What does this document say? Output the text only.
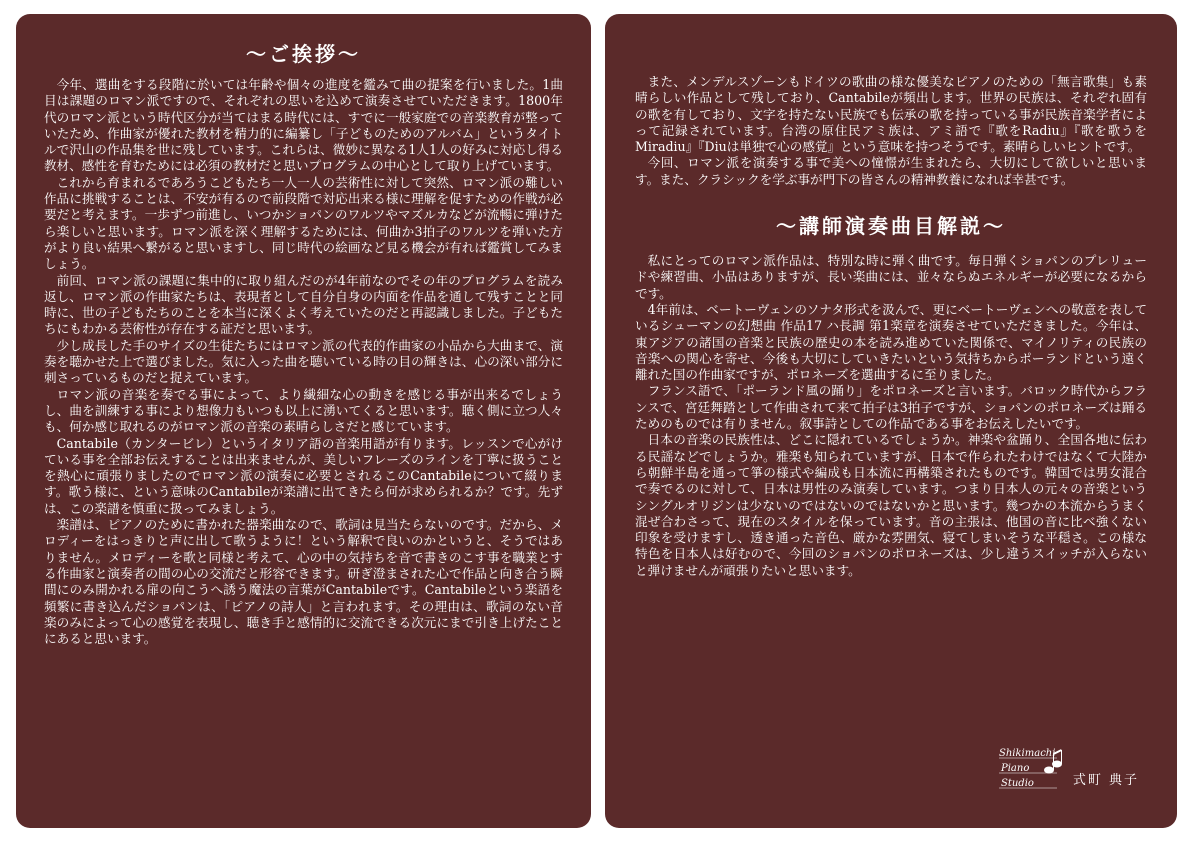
〜ご挨拶〜

今年、選曲をする段階に於いては年齢や個々の進度を鑑みて曲の提案を行いました。1曲目は課題のロマン派ですので、それぞれの思いを込めて演奏させていただきます。1800年代のロマン派という時代区分が当てはまる時代には、すでに一般家庭での音楽教育が整っていたため、作曲家が優れた教材を精力的に編纂し「子どものためのアルバム」というタイトルで沢山の作品集を世に残しています。これらは、微妙に異なる1人1人の好みに対応し得る教材、感性を育むためには必須の教材だと思いプログラムの中心として取り上げています。

これから育まれるであろうこどもたち一人一人の芸術性に対して突然、ロマン派の難しい作品に挑戦することは、不安が有るので前段階で対応出来る様に理解を促すための作戦が必要だと考えます。一歩ずつ前進し、いつかショパンのワルツやマズルカなどが流暢に弾けたら楽しいと思います。ロマン派を深く理解するためには、何曲か3拍子のワルツを弾いた方がより良い結果へ繋がると思いますし、同じ時代の絵画など見る機会が有れば鑑賞してみましょう。

前回、ロマン派の課題に集中的に取り組んだのが4年前なのでその年のプログラムを読み返し、ロマン派の作曲家たちは、表現者として自分自身の内面を作品を通して残すことと同時に、世の子どもたちのことを本当に深くよく考えていたのだと再認識しました。子どもたちにもわかる芸術性が存在する証だと思います。

少し成長した手のサイズの生徒たちにはロマン派の代表的作曲家の小品から大曲まで、演奏を聴かせた上で選びました。気に入った曲を聴いている時の目の輝きは、心の深い部分に刺さっているものだと捉えています。

ロマン派の音楽を奏でる事によって、より繊細な心の動きを感じる事が出来るでしょうし、曲を訓練する事により想像力もいつも以上に湧いてくると思います。聴く側に立つ人々も、何か感じ取れるのがロマン派の音楽の素晴らしさだと感じています。

Cantabile（カンタービレ）というイタリア語の音楽用語が有ります。レッスンで心がけている事を全部お伝えすることは出来ませんが、美しいフレーズのラインを丁寧に扱うことを熱心に頑張りましたのでロマン派の演奏に必要とされるこのCantabileについて綴ります。歌う様に、という意味のCantabileが楽譜に出てきたら何が求められるか？です。先ずは、この楽譜を慎重に扱ってみましょう。

楽譜は、ピアノのために書かれた器楽曲なので、歌詞は見当たらないのです。だから、メロディーをはっきりと声に出して歌うように！という解釈で良いのかというと、そうではありません。メロディーを歌と同様と考えて、心の中の気持ちを音で書きのこす事を職業とする作曲家と演奏者の間の心の交流だと形容できます。研ぎ澄まされた心で作品と向き合う瞬間にのみ開かれる扉の向こうへ誘う魔法の言葉がCantabileです。Cantabileという楽語を頻繁に書き込んだショパンは、「ピアノの詩人」と言われます。その理由は、歌詞のない音楽のみによって心の感覚を表現し、聴き手と感情的に交流できる次元にまで引き上げたことにあると思います。

また、メンデルスゾーンもドイツの歌曲の様な優美なピアノのための「無言歌集」も素晴らしい作品として残しており、Cantabileが頻出します。世界の民族は、それぞれ固有の歌を有しており、文字を持たない民族でも伝承の歌を持っている事が民族音楽学者によって記録されています。台湾の原住民アミ族は、アミ語で『歌をRadiu』『歌を歌うをMiradiu』『Diuは単独で心の感覚』という意味を持つそうです。素晴らしいヒントです。

今回、ロマン派を演奏する事で美への憧憬が生まれたら、大切にして欲しいと思います。また、クラシックを学ぶ事が門下の皆さんの精神教養になれば幸甚です。

〜講師演奏曲目解説〜

私にとってのロマン派作品は、特別な時に弾く曲です。毎日弾くショパンのプレリュードや練習曲、小品はありますが、長い楽曲には、並々ならぬエネルギーが必要になるからです。

4年前は、ベートーヴェンのソナタ形式を汲んで、更にベートーヴェンへの敬意を表しているシューマンの幻想曲 作品17 ハ長調 第1楽章を演奏させていただきました。今年は、東アジアの諸国の音楽と民族の歴史の本を読み進めていた関係で、マイノリティの民族の音楽への関心を寄せ、今後も大切にしていきたいという気持ちからポーランドという遠く離れた国の作曲家ですが、ポロネーズを選曲するに至りました。

フランス語で、「ポーランド風の踊り」をポロネーズと言います。バロック時代からフランスで、宮廷舞踏として作曲されて来て拍子は3拍子ですが、ショパンのポロネーズは踊るためのものでは有りません。叙事詩としての作品である事をお伝えしたいです。

日本の音楽の民族性は、どこに隠れているでしょうか。神楽や盆踊り、全国各地に伝わる民謡などでしょうか。雅楽も知られていますが、日本で作られたわけではなくて大陸から朝鮮半島を通って箏の様式や編成も日本流に再構築されたものです。韓国では男女混合で奏でるのに対して、日本は男性のみ演奏しています。つまり日本人の元々の音楽というシングルオリジンは少ないのではないのではないかと思います。幾つかの本流からうまく混ぜ合わさって、現在のスタイルを保っています。音の主張は、他国の音に比べ強くない印象を受けますし、透き通った音色、厳かな雰囲気、寝てしまいそうな平穏さ。この様な特色を日本人は好むので、今回のショパンのポロネーズは、少し違うスイッチが入らないと弾けませんが頑張りたいと思います。

Shikimachi
Piano
Studio	式町 典子
